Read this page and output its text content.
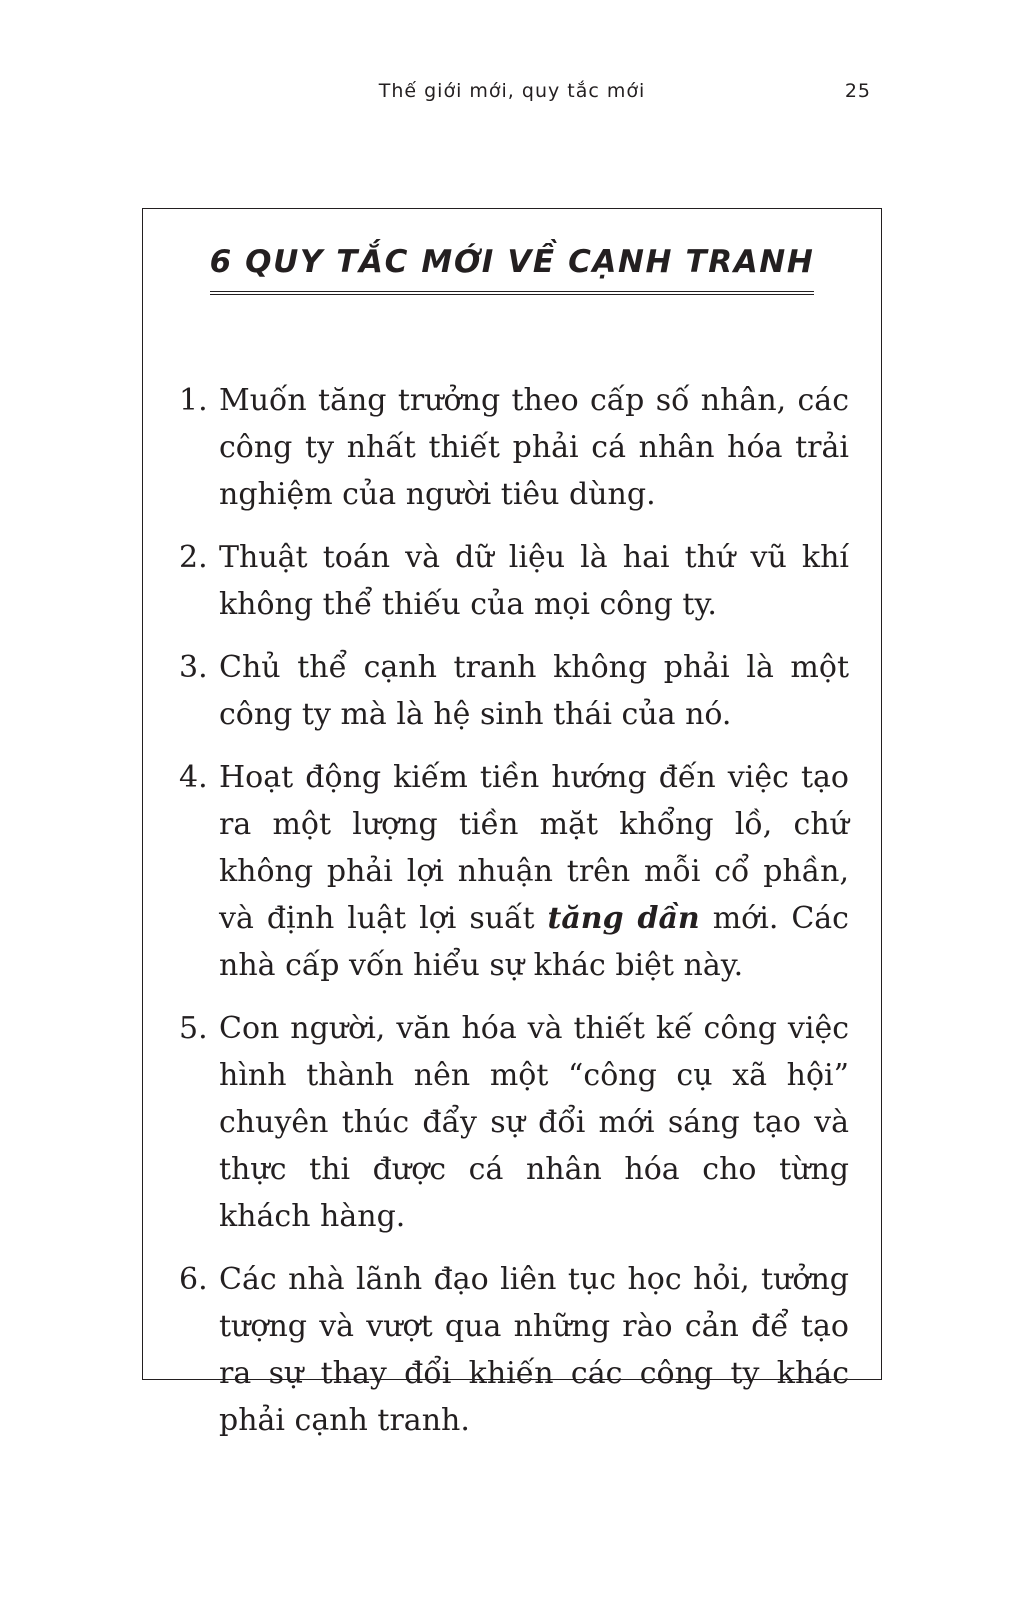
Thế giới mới, quy tắc mới	25
6 QUY TẮC MỚI VỀ CẠNH TRANH
1. Muốn tăng trưởng theo cấp số nhân, các công ty nhất thiết phải cá nhân hóa trải nghiệm của người tiêu dùng.
2. Thuật toán và dữ liệu là hai thứ vũ khí không thể thiếu của mọi công ty.
3. Chủ thể cạnh tranh không phải là một công ty mà là hệ sinh thái của nó.
4. Hoạt động kiếm tiền hướng đến việc tạo ra một lượng tiền mặt khổng lồ, chứ không phải lợi nhuận trên mỗi cổ phần, và định luật lợi suất tăng dần mới. Các nhà cấp vốn hiểu sự khác biệt này.
5. Con người, văn hóa và thiết kế công việc hình thành nên một “công cụ xã hội” chuyên thúc đẩy sự đổi mới sáng tạo và thực thi được cá nhân hóa cho từng khách hàng.
6. Các nhà lãnh đạo liên tục học hỏi, tưởng tượng và vượt qua những rào cản để tạo ra sự thay đổi khiến các công ty khác phải cạnh tranh.
